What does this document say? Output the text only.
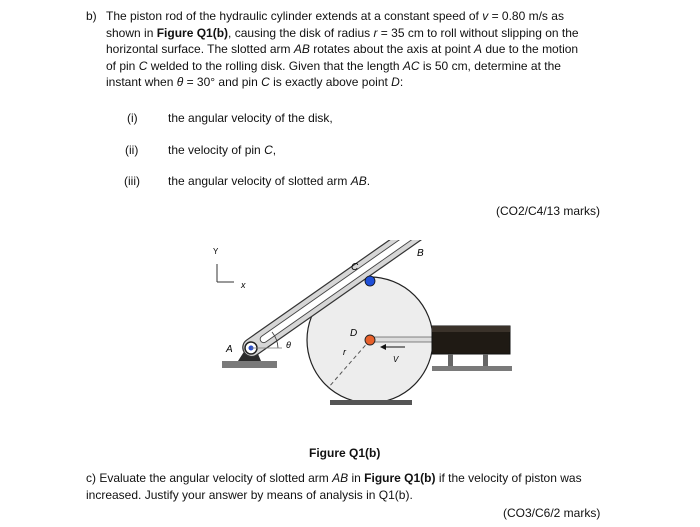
b) The piston rod of the hydraulic cylinder extends at a constant speed of v = 0.80 m/s as
shown in Figure Q1(b), causing the disk of radius r = 35 cm to roll without slipping on the
horizontal surface. The slotted arm AB rotates about the axis at point A due to the motion
of pin C welded to the rolling disk. Given that the length AC is 50 cm, determine at the
instant when θ = 30° and pin C is exactly above point D:
(i)	the angular velocity of the disk,
(ii) the velocity of pin C,
(iii) the angular velocity of slotted arm AB.
(CO2/C4/13 marks)
Y
x
r
A	θ
C
B
D
V
Figure Q1(b)
c) Evaluate the angular velocity of slotted arm AB in Figure Q1(b) if the velocity of piston was
increased. Justify your answer by means of analysis in Q1(b).
(CO3/C6/2 marks)
